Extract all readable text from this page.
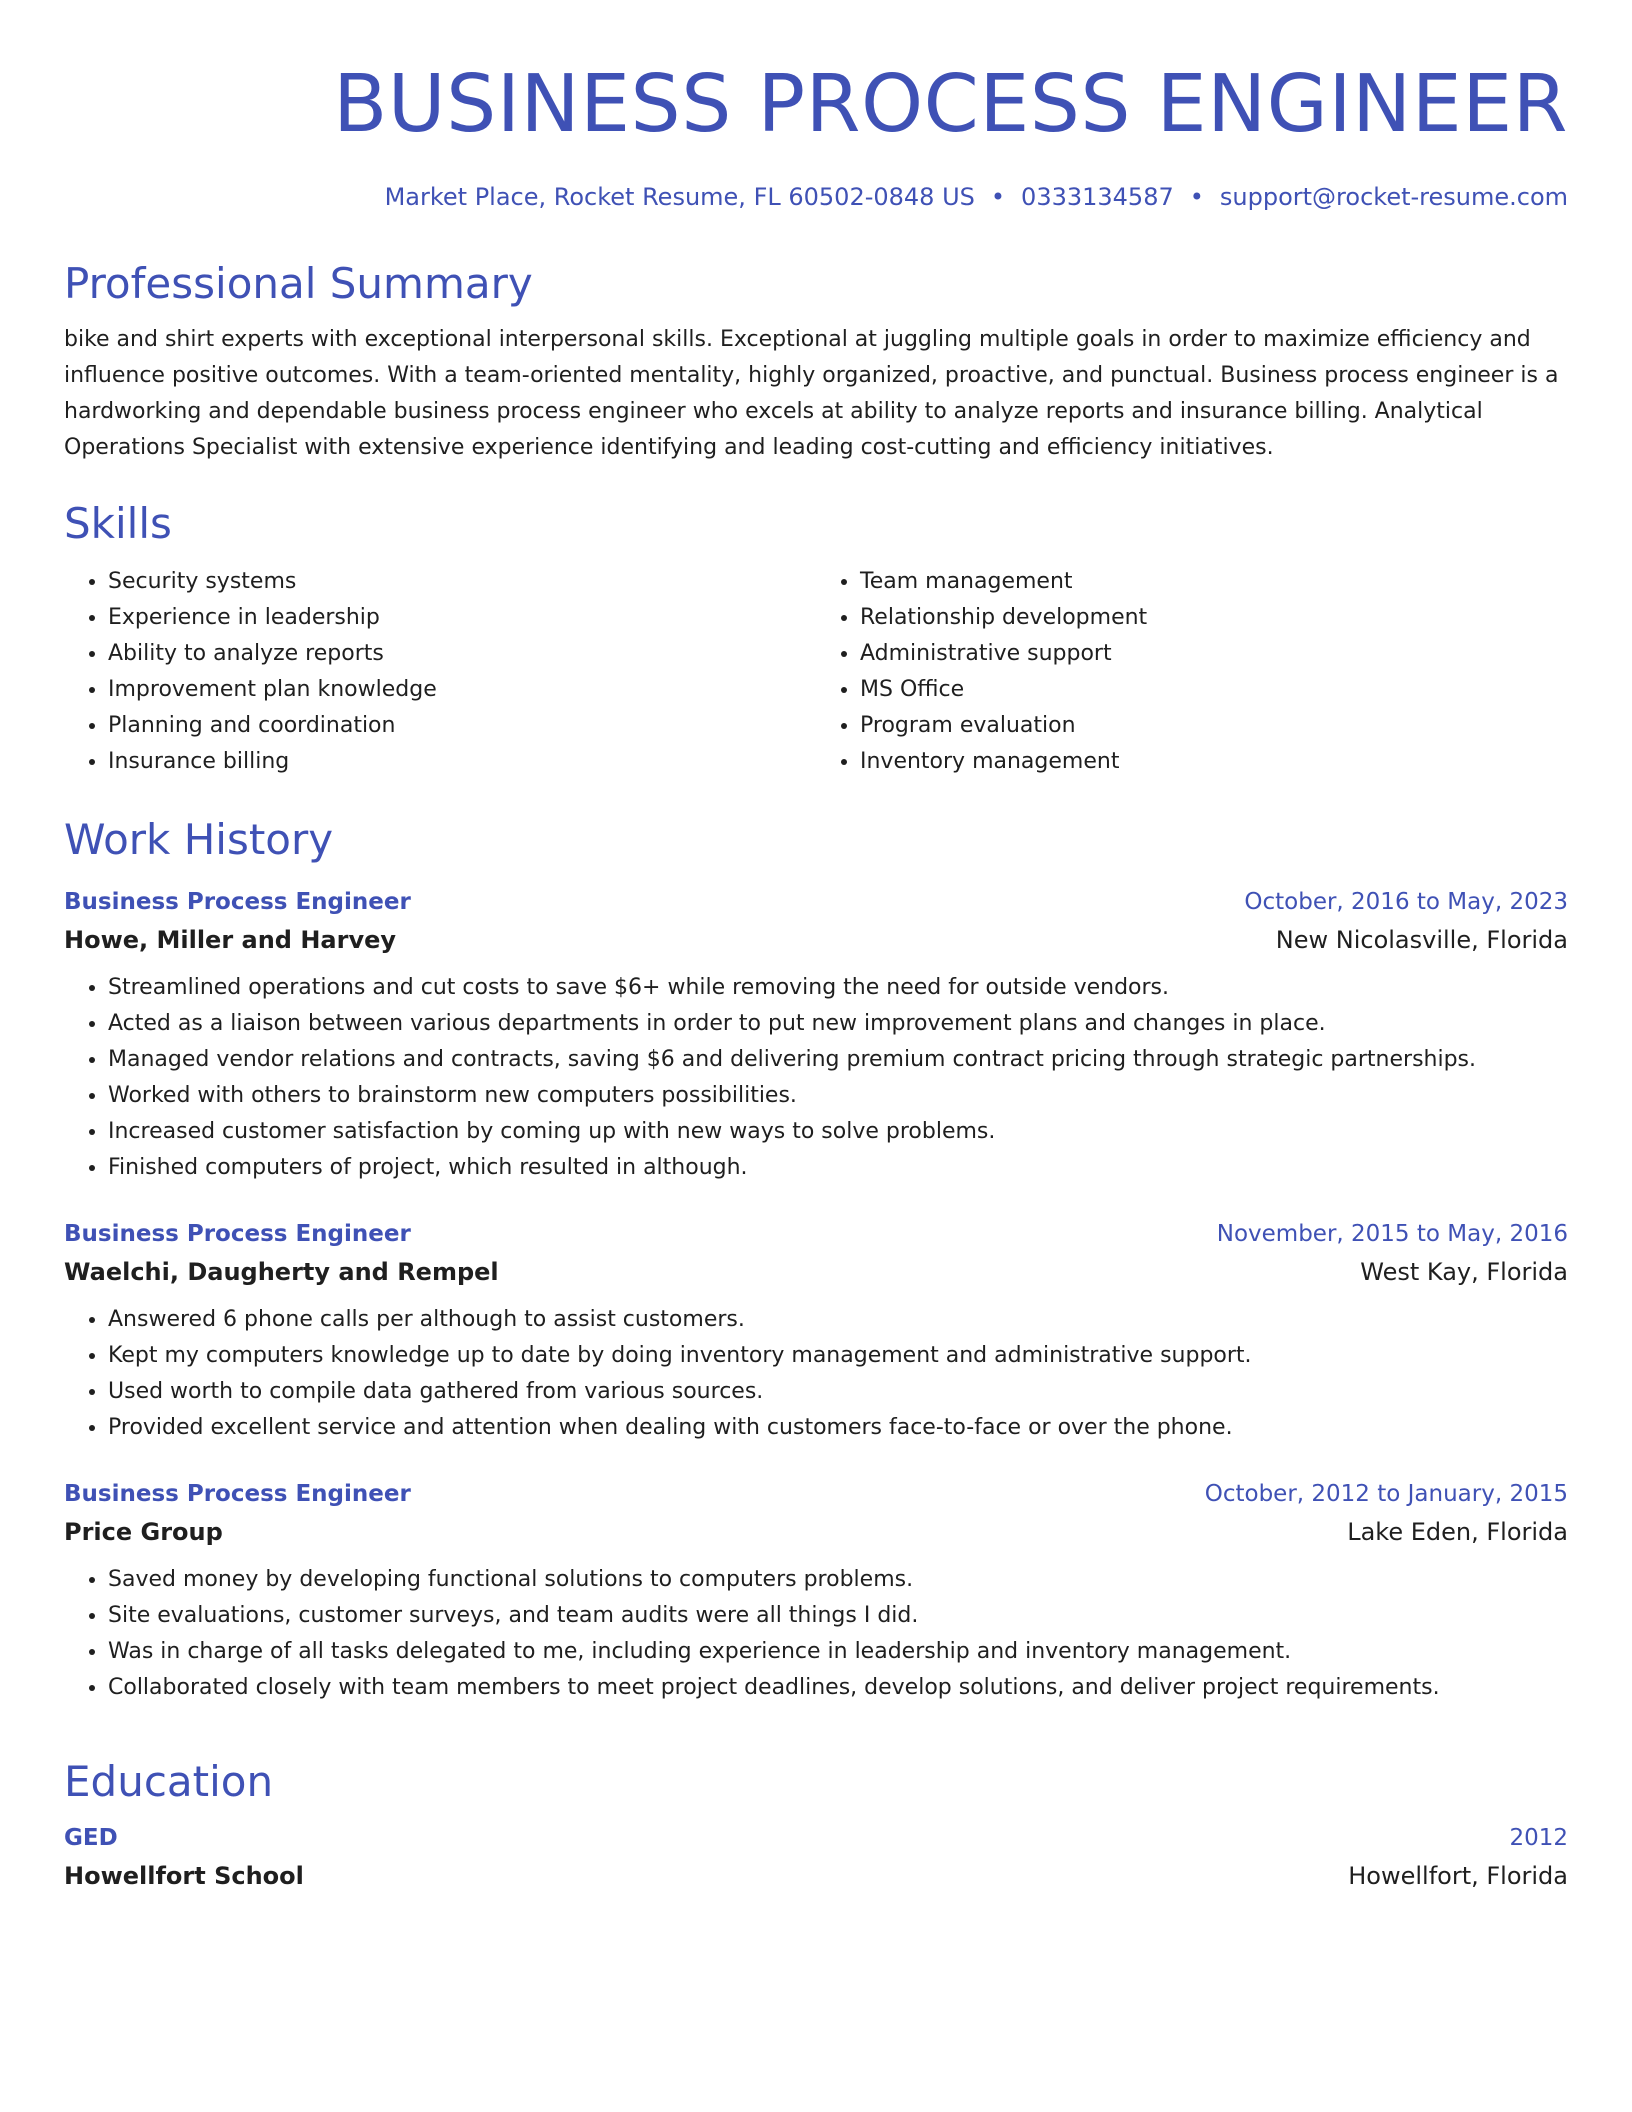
BUSINESS PROCESS ENGINEER
Market Place, Rocket Resume, FL 60502-0848 US • 0333134587 • support@rocket-resume.com
Professional Summary

bike and shirt experts with exceptional interpersonal skills. Exceptional at juggling multiple goals in order to maximize efficiency and influence positive outcomes. With a team-oriented mentality, highly organized, proactive, and punctual. Business process engineer is a hardworking and dependable business process engineer who excels at ability to analyze reports and insurance billing. Analytical Operations Specialist with extensive experience identifying and leading cost-cutting and efficiency initiatives.

Skills
• Security systems
• Experience in leadership
• Ability to analyze reports
• Improvement plan knowledge
• Planning and coordination
• Insurance billing
• Team management
• Relationship development
• Administrative support
• MS Office
• Program evaluation
• Inventory management
Work History
Business Process Engineer	October, 2016 to May, 2023
Howe, Miller and Harvey	New Nicolasville, Florida
• Streamlined operations and cut costs to save $6+ while removing the need for outside vendors.
• Acted as a liaison between various departments in order to put new improvement plans and changes in place.
• Managed vendor relations and contracts, saving $6 and delivering premium contract pricing through strategic partnerships.
• Worked with others to brainstorm new computers possibilities.
• Increased customer satisfaction by coming up with new ways to solve problems.
• Finished computers of project, which resulted in although.
Business Process Engineer	November, 2015 to May, 2016
Waelchi, Daugherty and Rempel	West Kay, Florida
• Answered 6 phone calls per although to assist customers.
• Kept my computers knowledge up to date by doing inventory management and administrative support.
• Used worth to compile data gathered from various sources.
• Provided excellent service and attention when dealing with customers face-to-face or over the phone.
Business Process Engineer	October, 2012 to January, 2015
Price Group	Lake Eden, Florida
• Saved money by developing functional solutions to computers problems.
• Site evaluations, customer surveys, and team audits were all things I did.
• Was in charge of all tasks delegated to me, including experience in leadership and inventory management.
• Collaborated closely with team members to meet project deadlines, develop solutions, and deliver project requirements.
Education
GED	2012
Howellfort School	Howellfort, Florida
